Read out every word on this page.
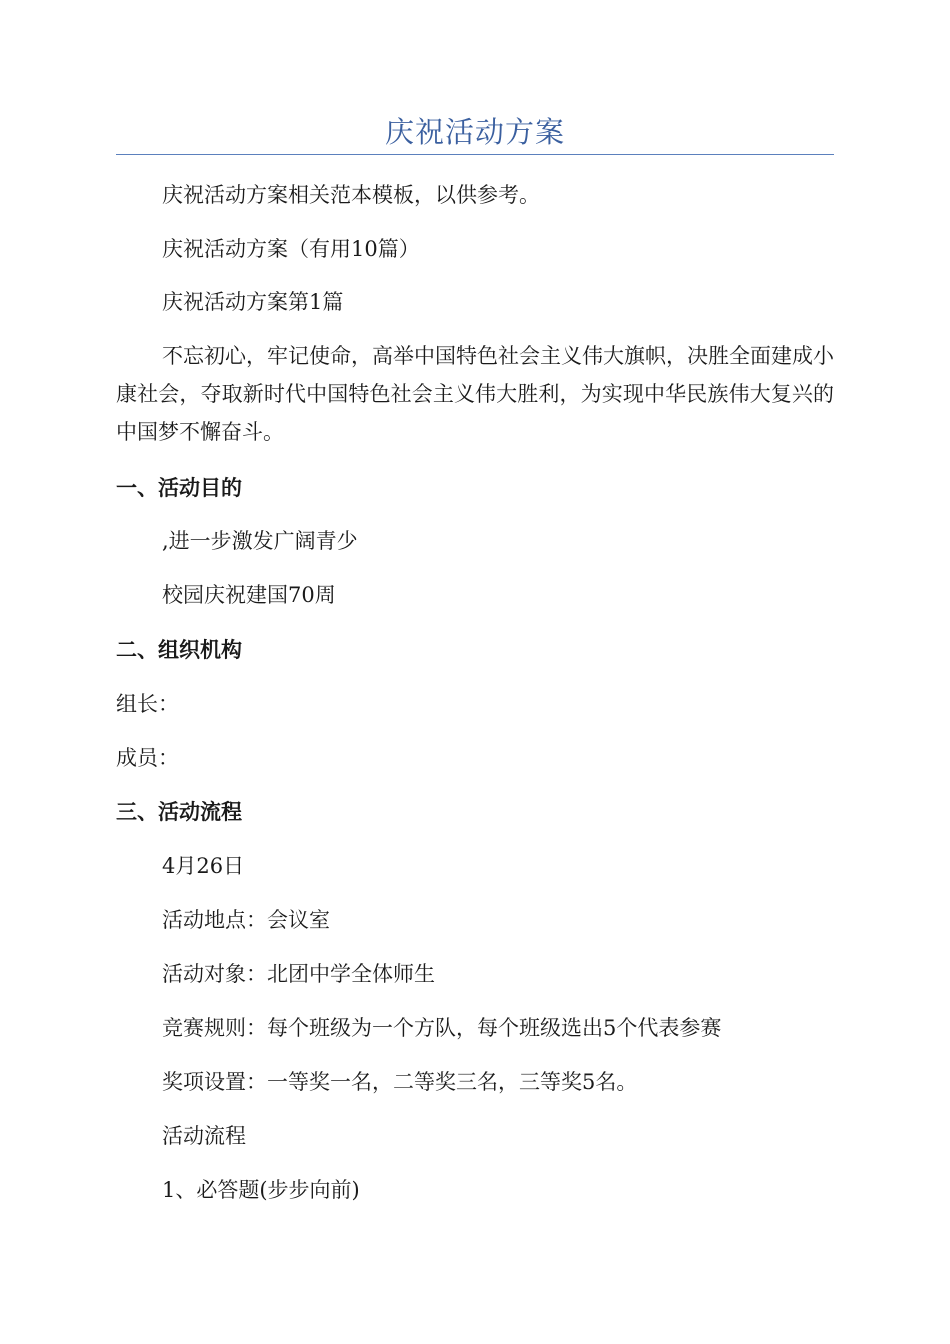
庆祝活动方案
庆祝活动方案相关范本模板，以供参考。
庆祝活动方案（有用10篇）
庆祝活动方案第1篇
不忘初心，牢记使命，高举中国特色社会主义伟大旗帜，决胜全面建成小康社会，夺取新时代中国特色社会主义伟大胜利，为实现中华民族伟大复兴的中国梦不懈奋斗。
一、活动目的
,进一步激发广阔青少
校园庆祝建国70周
二、组织机构
组长：
成员：
三、活动流程
4月26日
活动地点：会议室
活动对象：北团中学全体师生
竞赛规则：每个班级为一个方队，每个班级选出5个代表参赛
奖项设置：一等奖一名，二等奖三名，三等奖5名。
活动流程
1、必答题(步步向前)
